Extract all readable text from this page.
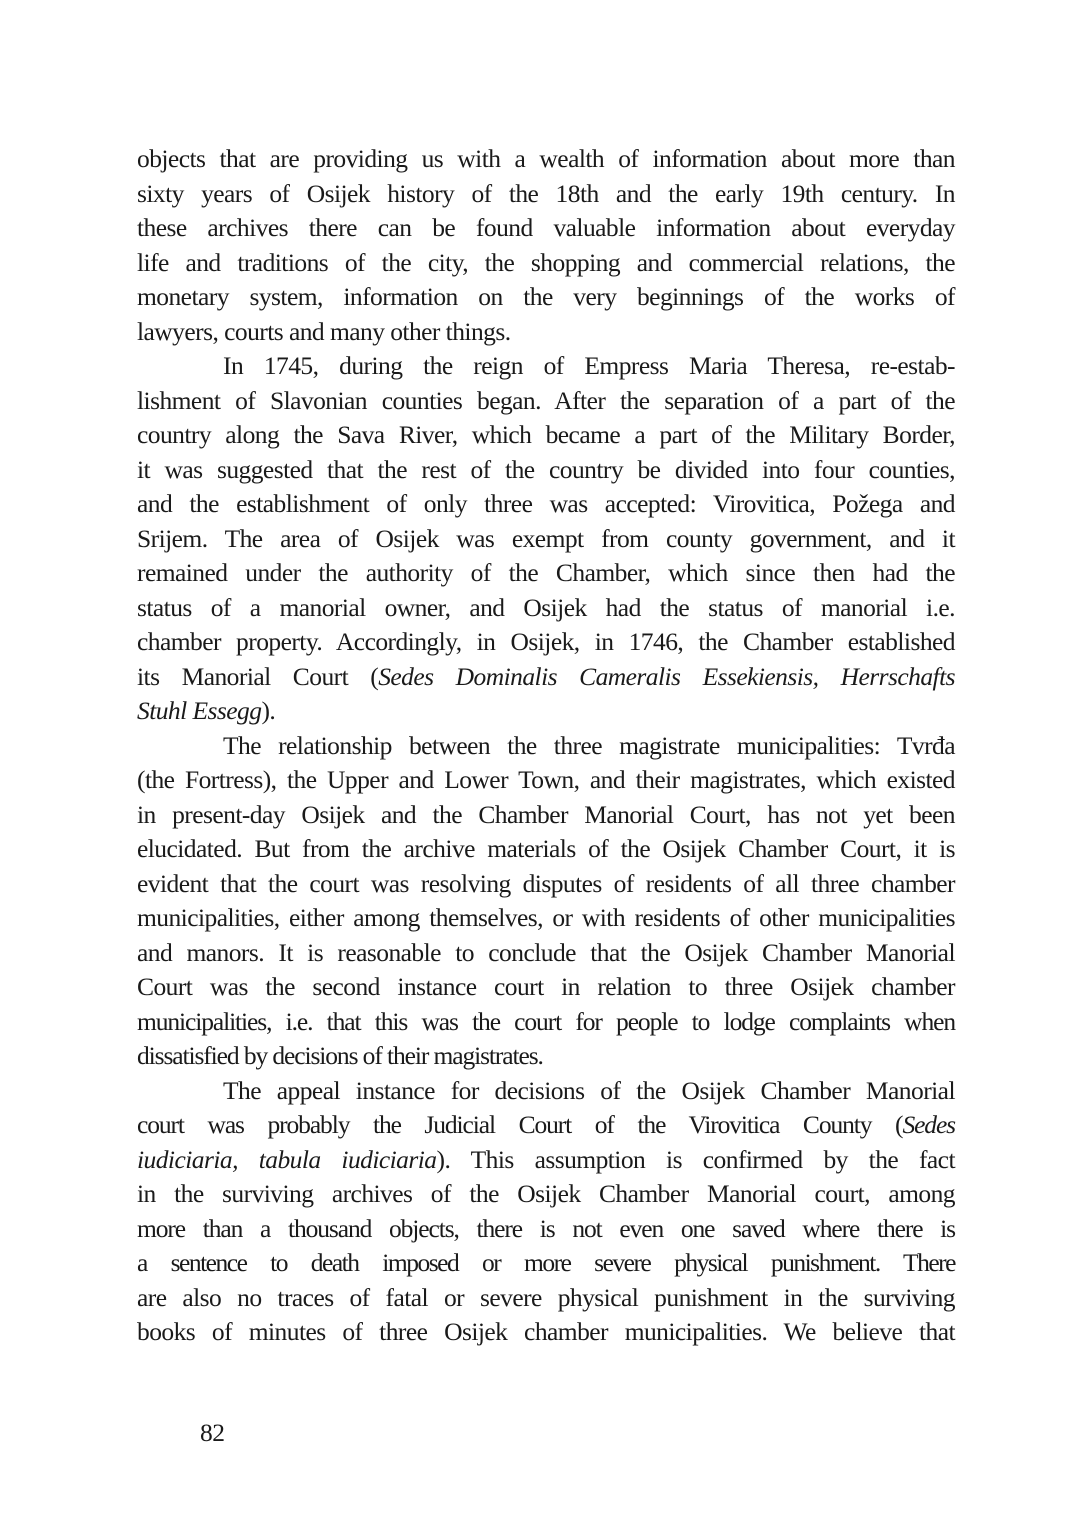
objects that are providing us with a wealth of information about more than
sixty years of Osijek history of the 18th and the early 19th century. In
these archives there can be found valuable information about everyday
life and traditions of the city, the shopping and commercial relations, the
monetary system, information on the very beginnings of the works of
lawyers, courts and many other things.
In 1745, during the reign of Empress Maria Theresa, re-estab-
lishment of Slavonian counties began. After the separation of a part of the
country along the Sava River, which became a part of the Military Border,
it was suggested that the rest of the country be divided into four counties,
and the establishment of only three was accepted: Virovitica, Požega and
Srijem. The area of Osijek was exempt from county government, and it
remained under the authority of the Chamber, which since then had the
status of a manorial owner, and Osijek had the status of manorial i.e.
chamber property. Accordingly, in Osijek, in 1746, the Chamber established
its Manorial Court (Sedes Dominalis Cameralis Essekiensis, Herrschafts
Stuhl Essegg).
The relationship between the three magistrate municipalities: Tvrđa
(the Fortress), the Upper and Lower Town, and their magistrates, which existed
in present-day Osijek and the Chamber Manorial Court, has not yet been
elucidated. But from the archive materials of the Osijek Chamber Court, it is
evident that the court was resolving disputes of residents of all three chamber
municipalities, either among themselves, or with residents of other municipalities
and manors. It is reasonable to conclude that the Osijek Chamber Manorial
Court was the second instance court in relation to three Osijek chamber
municipalities, i.e. that this was the court for people to lodge complaints when
dissatisfied by decisions of their magistrates.
The appeal instance for decisions of the Osijek Chamber Manorial
court was probably the Judicial Court of the Virovitica County (Sedes
iudiciaria, tabula iudiciaria). This assumption is confirmed by the fact
in the surviving archives of the Osijek Chamber Manorial court, among
more than a thousand objects, there is not even one saved where there is
a sentence to death imposed or more severe physical punishment. There
are also no traces of fatal or severe physical punishment in the surviving
books of minutes of three Osijek chamber municipalities. We believe that
82
